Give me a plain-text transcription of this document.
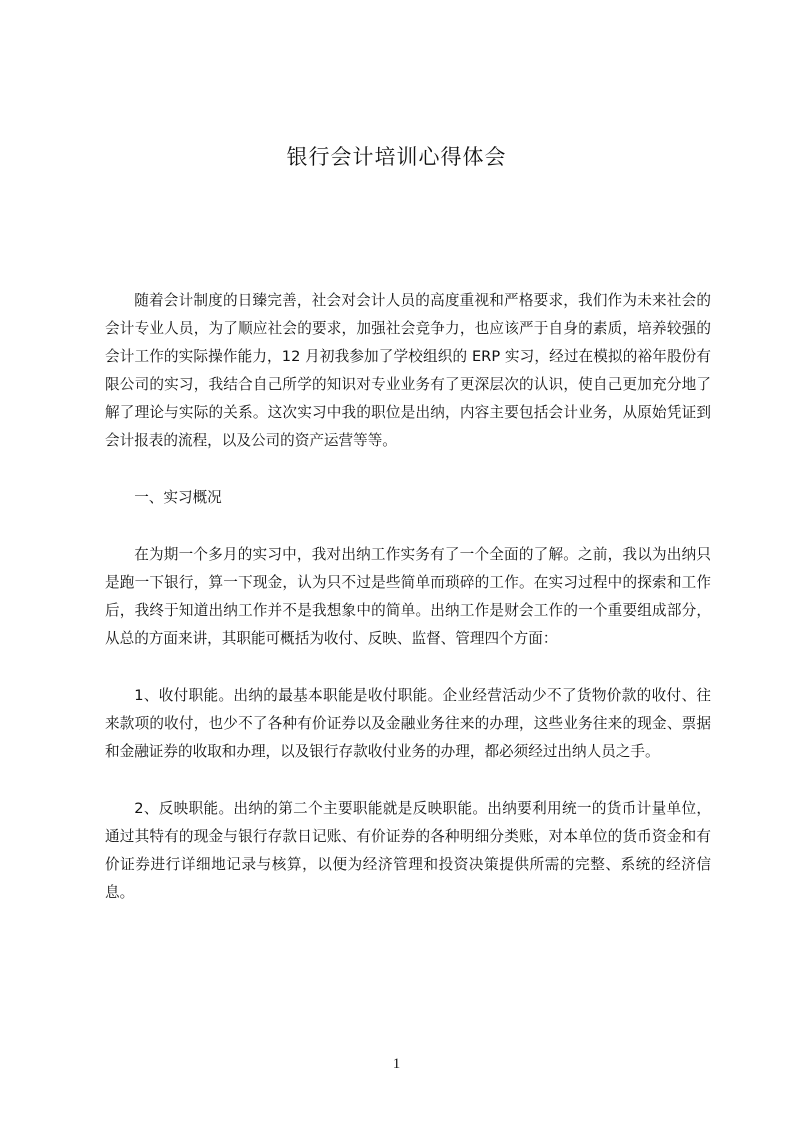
银行会计培训心得体会

随着会计制度的日臻完善，社会对会计人员的高度重视和严格要求，我们作为未来社会的会计专业人员，为了顺应社会的要求，加强社会竞争力，也应该严于自身的素质，培养较强的会计工作的实际操作能力，12 月初我参加了学校组织的 ERP 实习，经过在模拟的裕年股份有限公司的实习，我结合自己所学的知识对专业业务有了更深层次的认识，使自己更加充分地了解了理论与实际的关系。这次实习中我的职位是出纳，内容主要包括会计业务，从原始凭证到会计报表的流程，以及公司的资产运营等等。

一、实习概况

在为期一个多月的实习中，我对出纳工作实务有了一个全面的了解。之前，我以为出纳只是跑一下银行，算一下现金，认为只不过是些简单而琐碎的工作。在实习过程中的探索和工作后，我终于知道出纳工作并不是我想象中的简单。出纳工作是财会工作的一个重要组成部分，从总的方面来讲，其职能可概括为收付、反映、监督、管理四个方面：

1、收付职能。出纳的最基本职能是收付职能。企业经营活动少不了货物价款的收付、往来款项的收付，也少不了各种有价证券以及金融业务往来的办理，这些业务往来的现金、票据和金融证券的收取和办理，以及银行存款收付业务的办理，都必须经过出纳人员之手。

2、反映职能。出纳的第二个主要职能就是反映职能。出纳要利用统一的货币计量单位，通过其特有的现金与银行存款日记账、有价证券的各种明细分类账，对本单位的货币资金和有价证券进行详细地记录与核算，以便为经济管理和投资决策提供所需的完整、系统的经济信息。

1
